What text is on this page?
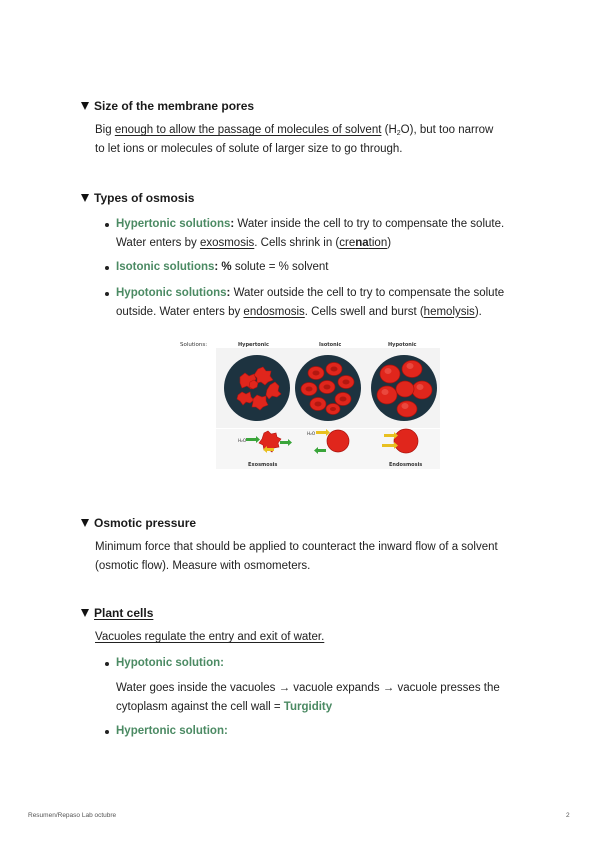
Size of the membrane pores
Big enough to allow the passage of molecules of solvent $(H_2O)$, but too narrow
to let ions or molecules of solute of larger size to go through.
Types of osmosis
Hypertonic solutions: Water inside the cell to try to compensate the solute.
Water enters by exosmosis. Cells shrink in (crenation)
Isotonic solutions: % solute = % solvent
Hypotonic solutions: Water outside the cell to try to compensate the solute
outside. Water enters by endosmosis. Cells swell and burst (hemolysis).
Solutions:	Hypertonic	Isotonic	Hypotonic
H₂O
Exosmosis
H₂O
Endosmosis
Osmotic pressure
Minimum force that should be applied to counteract the inward flow of a solvent
(osmotic flow). Measure with osmometers.
Plant cells
Vacuoles regulate the entry and exit of water.
Hypotonic solution:
Water goes inside the vacuoles → vacuole expands → vacuole presses the
cytoplasm against the cell wall = Turgidity
Hypertonic solution:
Resumen/Repaso Lab octubre	2
